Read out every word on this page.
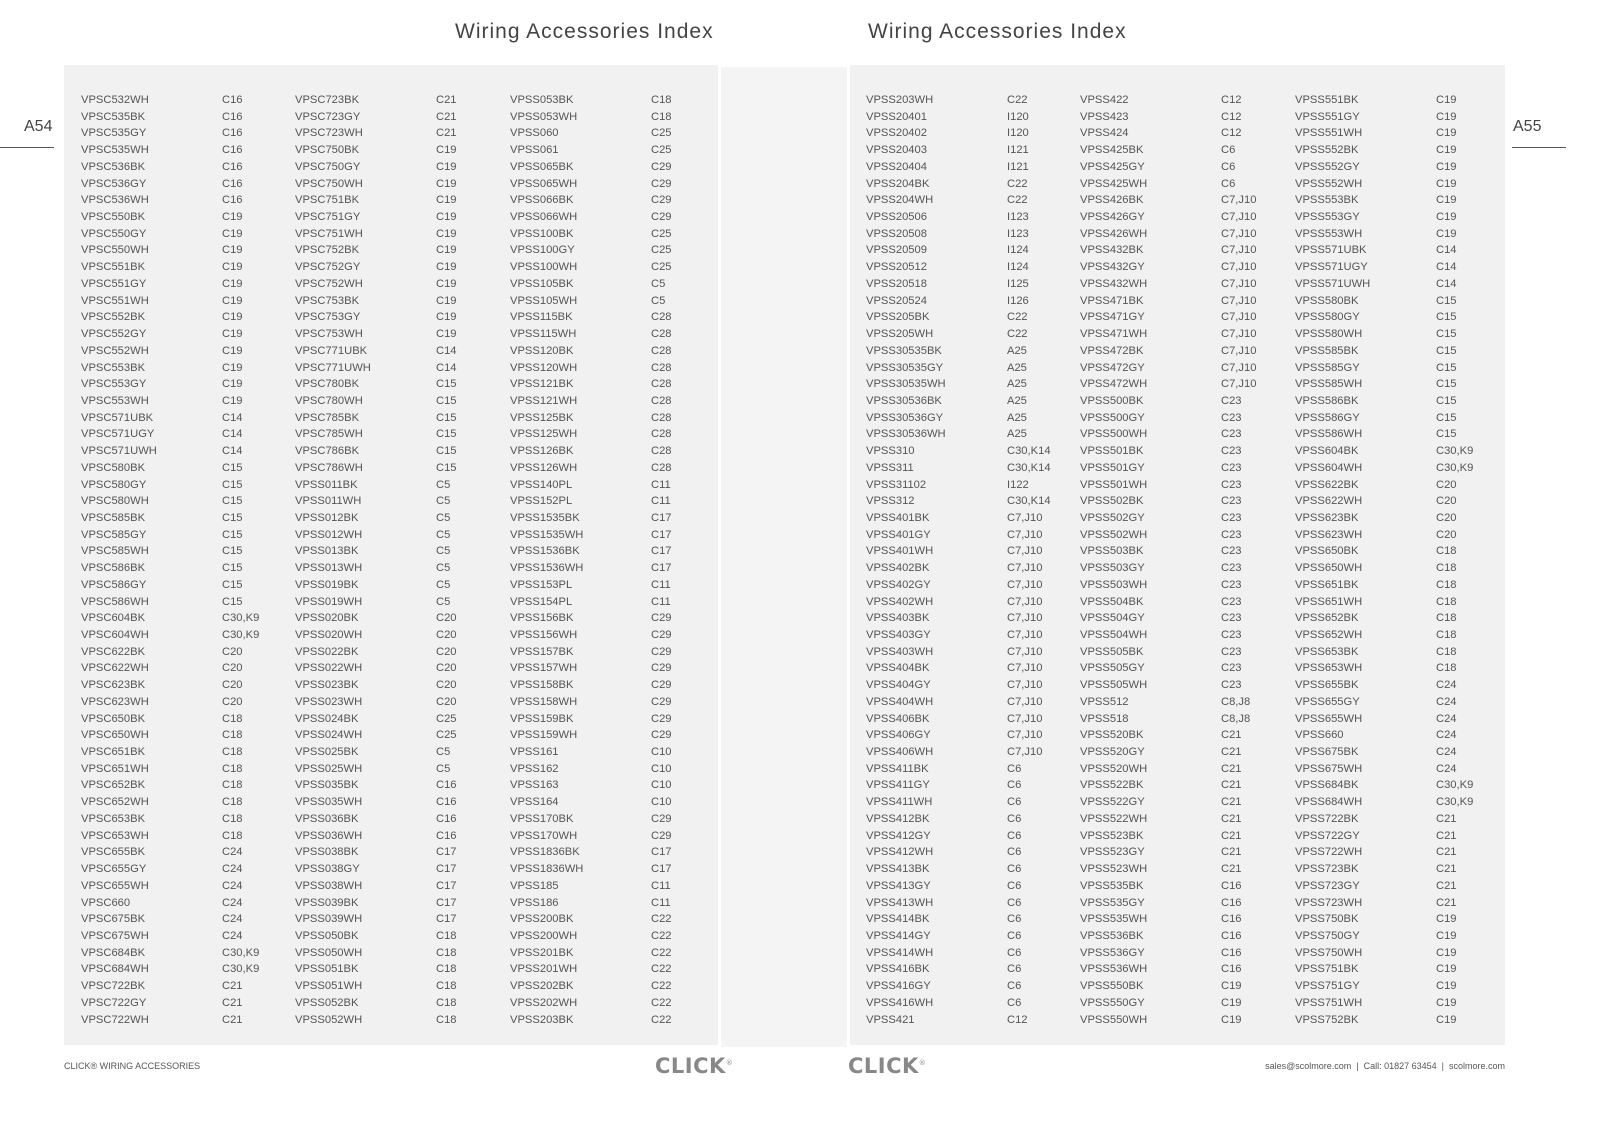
Wiring Accessories Index	Wiring Accessories Index
A54	A55
VPSC532WH	C16
VPSC535BK	C16
VPSC535GY	C16
VPSC535WH	C16
VPSC536BK	C16
VPSC536GY	C16
VPSC536WH	C16
VPSC550BK	C19
VPSC550GY	C19
VPSC550WH	C19
VPSC551BK	C19
VPSC551GY	C19
VPSC551WH	C19
VPSC552BK	C19
VPSC552GY	C19
VPSC552WH	C19
VPSC553BK	C19
VPSC553GY	C19
VPSC553WH	C19
VPSC571UBK	C14
VPSC571UGY	C14
VPSC571UWH	C14
VPSC580BK	C15
VPSC580GY	C15
VPSC580WH	C15
VPSC585BK	C15
VPSC585GY	C15
VPSC585WH	C15
VPSC586BK	C15
VPSC586GY	C15
VPSC586WH	C15
VPSC604BK	C30,K9
VPSC604WH	C30,K9
VPSC622BK	C20
VPSC622WH	C20
VPSC623BK	C20
VPSC623WH	C20
VPSC650BK	C18
VPSC650WH	C18
VPSC651BK	C18
VPSC651WH	C18
VPSC652BK	C18
VPSC652WH	C18
VPSC653BK	C18
VPSC653WH	C18
VPSC655BK	C24
VPSC655GY	C24
VPSC655WH	C24
VPSC660	C24
VPSC675BK	C24
VPSC675WH	C24
VPSC684BK	C30,K9
VPSC684WH	C30,K9
VPSC722BK	C21
VPSC722GY	C21
VPSC722WH	C21
VPSC723BK	C21
VPSC723GY	C21
VPSC723WH	C21
VPSC750BK	C19
VPSC750GY	C19
VPSC750WH	C19
VPSC751BK	C19
VPSC751GY	C19
VPSC751WH	C19
VPSC752BK	C19
VPSC752GY	C19
VPSC752WH	C19
VPSC753BK	C19
VPSC753GY	C19
VPSC753WH	C19
VPSC771UBK	C14
VPSC771UWH	C14
VPSC780BK	C15
VPSC780WH	C15
VPSC785BK	C15
VPSC785WH	C15
VPSC786BK	C15
VPSC786WH	C15
VPSS011BK	C5
VPSS011WH	C5
VPSS012BK	C5
VPSS012WH	C5
VPSS013BK	C5
VPSS013WH	C5
VPSS019BK	C5
VPSS019WH	C5
VPSS020BK	C20
VPSS020WH	C20
VPSS022BK	C20
VPSS022WH	C20
VPSS023BK	C20
VPSS023WH	C20
VPSS024BK	C25
VPSS024WH	C25
VPSS025BK	C5
VPSS025WH	C5
VPSS035BK	C16
VPSS035WH	C16
VPSS036BK	C16
VPSS036WH	C16
VPSS038BK	C17
VPSS038GY	C17
VPSS038WH	C17
VPSS039BK	C17
VPSS039WH	C17
VPSS050BK	C18
VPSS050WH	C18
VPSS051BK	C18
VPSS051WH	C18
VPSS052BK	C18
VPSS052WH	C18
VPSS053BK	C18
VPSS053WH	C18
VPSS060	C25
VPSS061	C25
VPSS065BK	C29
VPSS065WH	C29
VPSS066BK	C29
VPSS066WH	C29
VPSS100BK	C25
VPSS100GY	C25
VPSS100WH	C25
VPSS105BK	C5
VPSS105WH	C5
VPSS115BK	C28
VPSS115WH	C28
VPSS120BK	C28
VPSS120WH	C28
VPSS121BK	C28
VPSS121WH	C28
VPSS125BK	C28
VPSS125WH	C28
VPSS126BK	C28
VPSS126WH	C28
VPSS140PL	C11
VPSS152PL	C11
VPSS1535BK	C17
VPSS1535WH	C17
VPSS1536BK	C17
VPSS1536WH	C17
VPSS153PL	C11
VPSS154PL	C11
VPSS156BK	C29
VPSS156WH	C29
VPSS157BK	C29
VPSS157WH	C29
VPSS158BK	C29
VPSS158WH	C29
VPSS159BK	C29
VPSS159WH	C29
VPSS161	C10
VPSS162	C10
VPSS163	C10
VPSS164	C10
VPSS170BK	C29
VPSS170WH	C29
VPSS1836BK	C17
VPSS1836WH	C17
VPSS185	C11
VPSS186	C11
VPSS200BK	C22
VPSS200WH	C22
VPSS201BK	C22
VPSS201WH	C22
VPSS202BK	C22
VPSS202WH	C22
VPSS203BK	C22
VPSS203WH	C22
VPSS20401	I120
VPSS20402	I120
VPSS20403	I121
VPSS20404	I121
VPSS204BK	C22
VPSS204WH	C22
VPSS20506	I123
VPSS20508	I123
VPSS20509	I124
VPSS20512	I124
VPSS20518	I125
VPSS20524	I126
VPSS205BK	C22
VPSS205WH	C22
VPSS30535BK	A25
VPSS30535GY	A25
VPSS30535WH	A25
VPSS30536BK	A25
VPSS30536GY	A25
VPSS30536WH	A25
VPSS310	C30,K14
VPSS311	C30,K14
VPSS31102	I122
VPSS312	C30,K14
VPSS401BK	C7,J10
VPSS401GY	C7,J10
VPSS401WH	C7,J10
VPSS402BK	C7,J10
VPSS402GY	C7,J10
VPSS402WH	C7,J10
VPSS403BK	C7,J10
VPSS403GY	C7,J10
VPSS403WH	C7,J10
VPSS404BK	C7,J10
VPSS404GY	C7,J10
VPSS404WH	C7,J10
VPSS406BK	C7,J10
VPSS406GY	C7,J10
VPSS406WH	C7,J10
VPSS411BK	C6
VPSS411GY	C6
VPSS411WH	C6
VPSS412BK	C6
VPSS412GY	C6
VPSS412WH	C6
VPSS413BK	C6
VPSS413GY	C6
VPSS413WH	C6
VPSS414BK	C6
VPSS414GY	C6
VPSS414WH	C6
VPSS416BK	C6
VPSS416GY	C6
VPSS416WH	C6
VPSS421	C12
VPSS422	C12
VPSS423	C12
VPSS424	C12
VPSS425BK	C6
VPSS425GY	C6
VPSS425WH	C6
VPSS426BK	C7,J10
VPSS426GY	C7,J10
VPSS426WH	C7,J10
VPSS432BK	C7,J10
VPSS432GY	C7,J10
VPSS432WH	C7,J10
VPSS471BK	C7,J10
VPSS471GY	C7,J10
VPSS471WH	C7,J10
VPSS472BK	C7,J10
VPSS472GY	C7,J10
VPSS472WH	C7,J10
VPSS500BK	C23
VPSS500GY	C23
VPSS500WH	C23
VPSS501BK	C23
VPSS501GY	C23
VPSS501WH	C23
VPSS502BK	C23
VPSS502GY	C23
VPSS502WH	C23
VPSS503BK	C23
VPSS503GY	C23
VPSS503WH	C23
VPSS504BK	C23
VPSS504GY	C23
VPSS504WH	C23
VPSS505BK	C23
VPSS505GY	C23
VPSS505WH	C23
VPSS512	C8,J8
VPSS518	C8,J8
VPSS520BK	C21
VPSS520GY	C21
VPSS520WH	C21
VPSS522BK	C21
VPSS522GY	C21
VPSS522WH	C21
VPSS523BK	C21
VPSS523GY	C21
VPSS523WH	C21
VPSS535BK	C16
VPSS535GY	C16
VPSS535WH	C16
VPSS536BK	C16
VPSS536GY	C16
VPSS536WH	C16
VPSS550BK	C19
VPSS550GY	C19
VPSS550WH	C19
VPSS551BK	C19
VPSS551GY	C19
VPSS551WH	C19
VPSS552BK	C19
VPSS552GY	C19
VPSS552WH	C19
VPSS553BK	C19
VPSS553GY	C19
VPSS553WH	C19
VPSS571UBK	C14
VPSS571UGY	C14
VPSS571UWH	C14
VPSS580BK	C15
VPSS580GY	C15
VPSS580WH	C15
VPSS585BK	C15
VPSS585GY	C15
VPSS585WH	C15
VPSS586BK	C15
VPSS586GY	C15
VPSS586WH	C15
VPSS604BK	C30,K9
VPSS604WH	C30,K9
VPSS622BK	C20
VPSS622WH	C20
VPSS623BK	C20
VPSS623WH	C20
VPSS650BK	C18
VPSS650WH	C18
VPSS651BK	C18
VPSS651WH	C18
VPSS652BK	C18
VPSS652WH	C18
VPSS653BK	C18
VPSS653WH	C18
VPSS655BK	C24
VPSS655GY	C24
VPSS655WH	C24
VPSS660	C24
VPSS675BK	C24
VPSS675WH	C24
VPSS684BK	C30,K9
VPSS684WH	C30,K9
VPSS722BK	C21
VPSS722GY	C21
VPSS722WH	C21
VPSS723BK	C21
VPSS723GY	C21
VPSS723WH	C21
VPSS750BK	C19
VPSS750GY	C19
VPSS750WH	C19
VPSS751BK	C19
VPSS751GY	C19
VPSS751WH	C19
VPSS752BK	C19
CLICK® WIRING ACCESSORIES	CLICK®	CLICK®	sales@scolmore.com  |  Call: 01827 63454  |  scolmore.com
